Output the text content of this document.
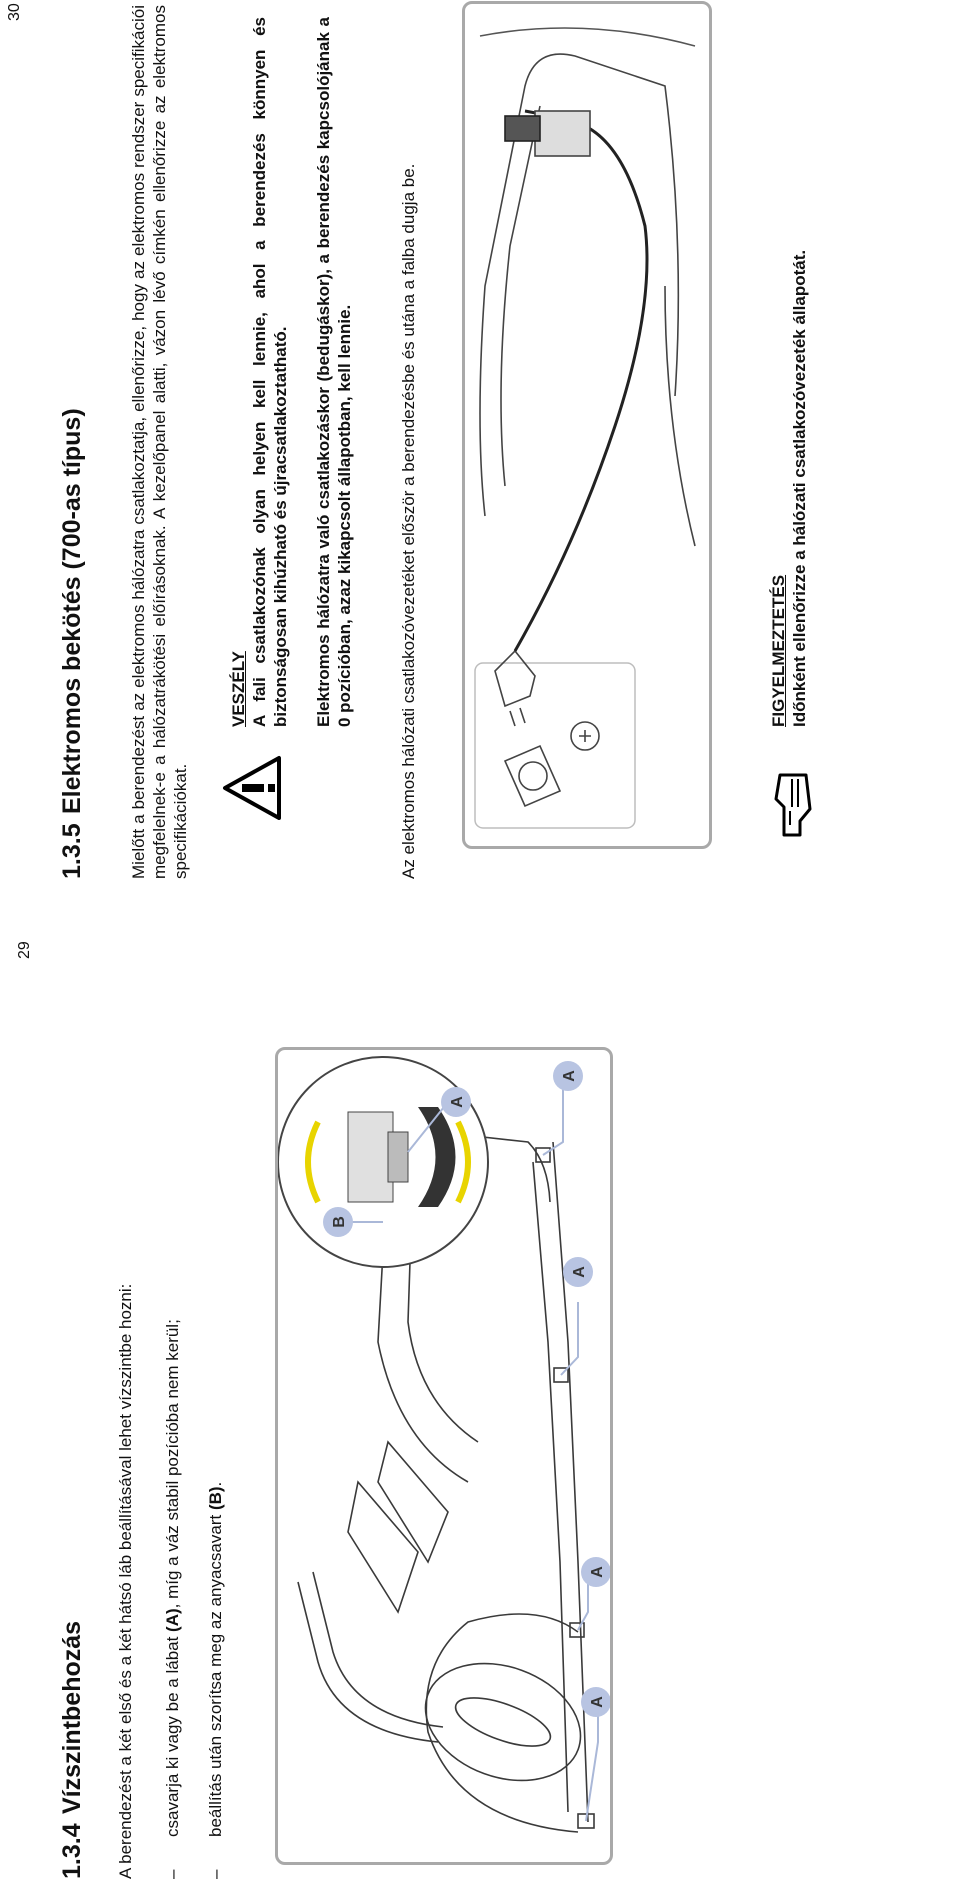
29
1.3.4 Vízszintbehozás A berendezést a két első és a két hátsó láb beállításával lehet vízszintbe hozni: –
csavarja ki vagy be a lábat (A), míg a váz stabil pozícióba nem kerül;
–
beállítás után szorítsa meg az anyacsavart (B).
A
A
A
A
B
A
30
1.3.5 Elektromos bekötés (700-as típus)	Mielőtt a berendezést az elektromos hálózatra csatlakoztatja, ellenőrizze, hogy az elektromos rendszer specifikációi megfelelnek-e a hálózatrákötési előírásoknak. A kezelőpanel alatti, vázon lévő címkén ellenőrizze az elektromos specifikációkat.
VESZÉLY A fali csatlakozónak olyan helyen kell lennie, ahol a berendezés könnyen és biztonságosan kihúzható és újracsatlakoztatható. Elektromos hálózatra való csatlakozáskor (bedugáskor), a berendezés kapcsolójának a 0 pozícióban, azaz kikapcsolt állapotban, kell lennie.	Az elektromos hálózati csatlakozóvezetéket először a berendezésbe és utána a falba dugja be.	FIGYELMEZTETÉS Időnként ellenőrizze a hálózati csatlakozóvezeték állapotát.
